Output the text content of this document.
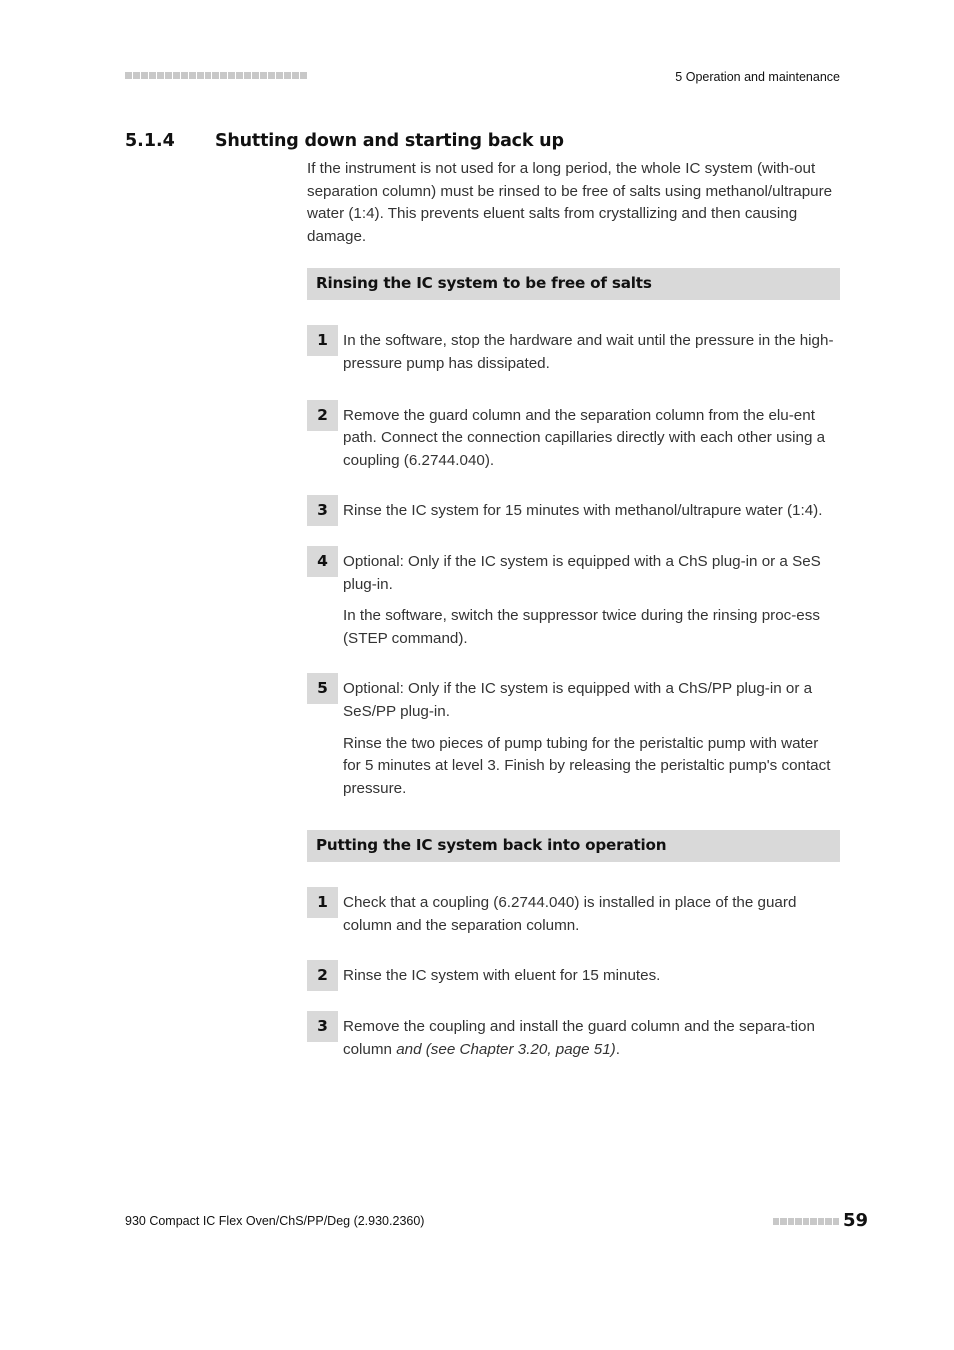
5 Operation and maintenance
5.1.4 Shutting down and starting back up

If the instrument is not used for a long period, the whole IC system (with-out separation column) must be rinsed to be free of salts using methanol/ultrapure water (1:4). This prevents eluent salts from crystallizing and then causing damage.

Rinsing the IC system to be free of salts
1 In the software, stop the hardware and wait until the pressure in the high-pressure pump has dissipated.

2 Remove the guard column and the separation column from the elu-ent path. Connect the connection capillaries directly with each other using a coupling (6.2744.040).

3 Rinse the IC system for 15 minutes with methanol/ultrapure water (1:4).

4 Optional: Only if the IC system is equipped with a ChS plug-in or a SeS plug-in.

In the software, switch the suppressor twice during the rinsing proc-ess (STEP command).

5 Optional: Only if the IC system is equipped with a ChS/PP plug-in or a SeS/PP plug-in.

Rinse the two pieces of pump tubing for the peristaltic pump with water for 5 minutes at level 3. Finish by releasing the peristaltic pump's contact pressure.

Putting the IC system back into operation
1 Check that a coupling (6.2744.040) is installed in place of the guard column and the separation column.

2 Rinse the IC system with eluent for 15 minutes.

3 Remove the coupling and install the guard column and the separa-tion column and (see Chapter 3.20, page 51).

930 Compact IC Flex Oven/ChS/PP/Deg (2.930.2360)	59
